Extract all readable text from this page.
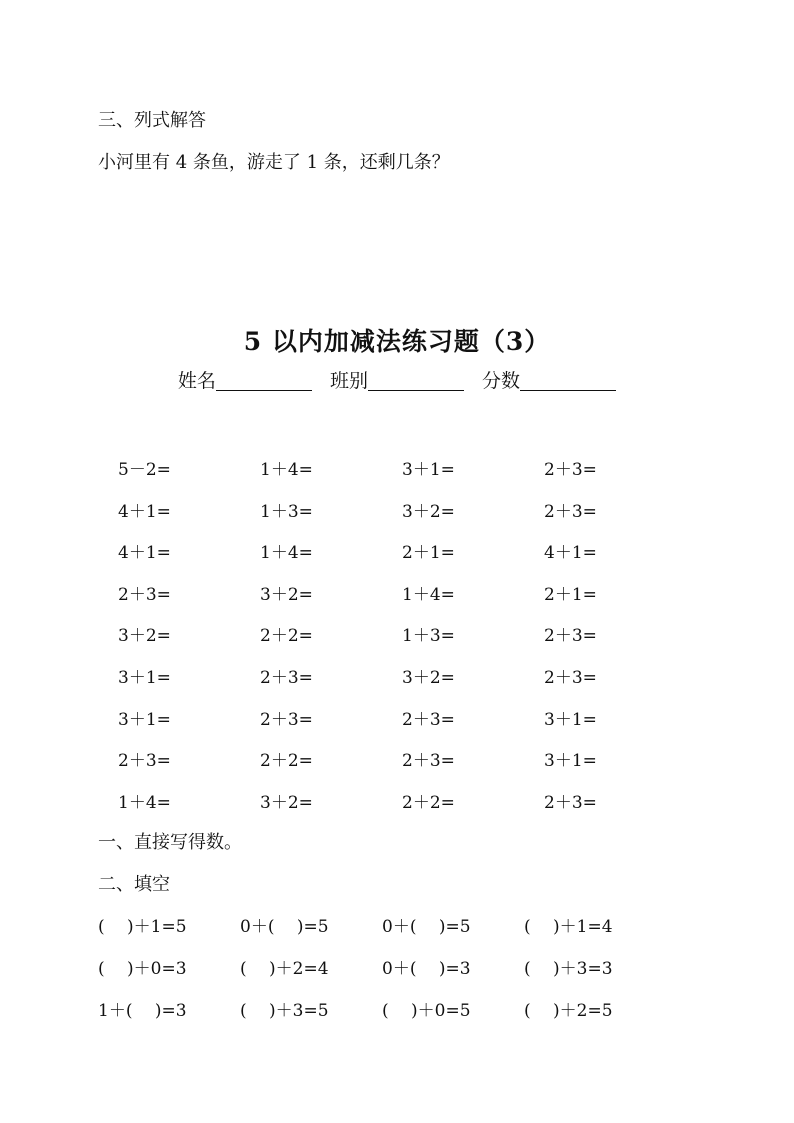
三、列式解答
小河里有 4 条鱼，游走了 1 条，还剩几条？
5 以内加减法练习题（3）
姓名	班别	分数
5－2=	1＋4=	3＋1=	2＋3=
4＋1=	1＋3=	3＋2=	2＋3=
4＋1=	1＋4=	2＋1=	4＋1=
2＋3=	3＋2=	1＋4=	2＋1=
3＋2=	2＋2=	1＋3=	2＋3=
3＋1=	2＋3=	3＋2=	2＋3=
3＋1=	2＋3=	2＋3=	3＋1=
2＋3=	2＋2=	2＋3=	3＋1=
1＋4=	3＋2=	2＋2=	2＋3=
一、直接写得数。
二、填空
(　 )＋1=5	0＋(　 )=5	0＋(　 )=5	(　 )＋1=4
(　 )＋0=3	(　 )＋2=4	0＋(　 )=3	(　 )＋3=3
1＋(　 )=3	(　 )＋3=5	(　 )＋0=5	(　 )＋2=5
